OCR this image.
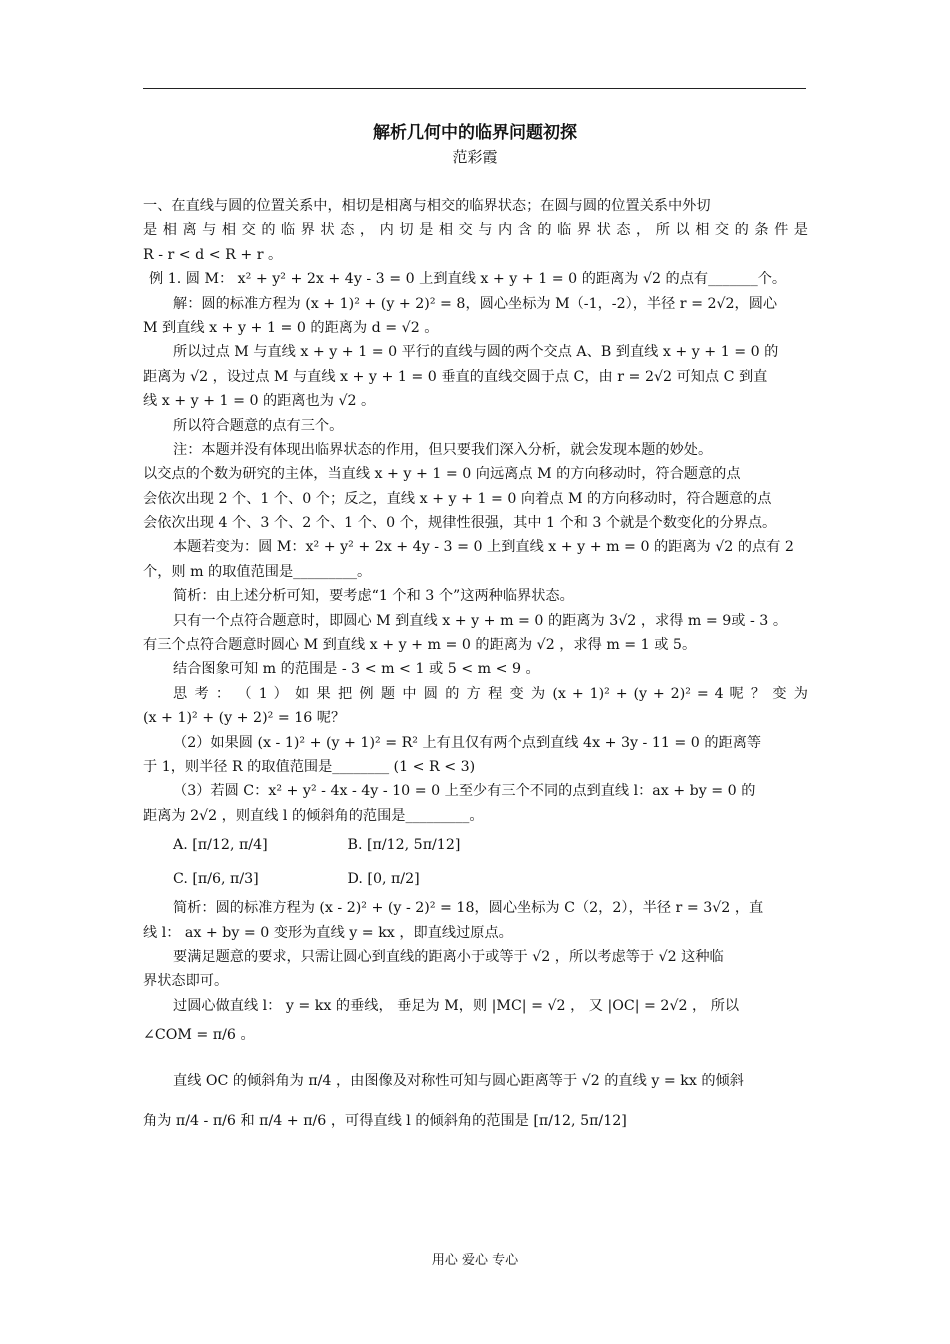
解析几何中的临界问题初探
范彩霞
一、在直线与圆的位置关系中，相切是相离与相交的临界状态；在圆与圆的位置关系中外切
是 相 离 与 相 交 的 临 界 状 态 ， 内 切 是 相 交 与 内 含 的 临 界 状 态 ， 所 以 相 交 的 条 件 是
R - r < d < R + r 。
例 1. 圆 M： x² + y² + 2x + 4y - 3 = 0 上到直线 x + y + 1 = 0 的距离为 √2 的点有_______个。
解：圆的标准方程为 (x + 1)² + (y + 2)² = 8，圆心坐标为 M（-1，-2），半径 r = 2√2，圆心
M 到直线 x + y + 1 = 0 的距离为 d = √2 。
所以过点 M 与直线 x + y + 1 = 0 平行的直线与圆的两个交点 A、B 到直线 x + y + 1 = 0 的
距离为 √2 ，设过点 M 与直线 x + y + 1 = 0 垂直的直线交圆于点 C，由 r = 2√2 可知点 C 到直
线 x + y + 1 = 0 的距离也为 √2 。
所以符合题意的点有三个。
注：本题并没有体现出临界状态的作用，但只要我们深入分析，就会发现本题的妙处。
以交点的个数为研究的主体，当直线 x + y + 1 = 0 向远离点 M 的方向移动时，符合题意的点
会依次出现 2 个、1 个、0 个；反之，直线 x + y + 1 = 0 向着点 M 的方向移动时，符合题意的点
会依次出现 4 个、3 个、2 个、1 个、0 个，规律性很强，其中 1 个和 3 个就是个数变化的分界点。
本题若变为：圆 M：x² + y² + 2x + 4y - 3 = 0 上到直线 x + y + m = 0 的距离为 √2 的点有 2
个，则 m 的取值范围是_________。
简析：由上述分析可知，要考虑“1 个和 3 个”这两种临界状态。
只有一个点符合题意时，即圆心 M 到直线 x + y + m = 0 的距离为 3√2 ，求得 m = 9或 - 3 。
有三个点符合题意时圆心 M 到直线 x + y + m = 0 的距离为 √2 ，求得 m = 1 或 5。
结合图象可知 m 的范围是 - 3 < m < 1 或 5 < m < 9 。
思 考 ： （ 1 ） 如 果 把 例 题 中 圆 的 方 程 变 为 (x + 1)² + (y + 2)² = 4 呢 ？ 变 为
(x + 1)² + (y + 2)² = 16 呢？
（2）如果圆 (x - 1)² + (y + 1)² = R² 上有且仅有两个点到直线 4x + 3y - 11 = 0 的距离等
于 1，则半径 R 的取值范围是________ (1 < R < 3)
（3）若圆 C：x² + y² - 4x - 4y - 10 = 0 上至少有三个不同的点到直线 l：ax + by = 0 的
距离为 2√2 ，则直线 l 的倾斜角的范围是_________。
A. [π/12, π/4]	B. [π/12, 5π/12]
C. [π/6, π/3]	D. [0, π/2]
简析：圆的标准方程为 (x - 2)² + (y - 2)² = 18，圆心坐标为 C（2，2），半径 r = 3√2 ，直
线 l： ax + by = 0 变形为直线 y = kx ，即直线过原点。
要满足题意的要求，只需让圆心到直线的距离小于或等于 √2 ，所以考虑等于 √2 这种临
界状态即可。
过圆心做直线 l： y = kx 的垂线， 垂足为 M，则 |MC| = √2 ， 又 |OC| = 2√2 ， 所以
∠COM = π/6 。
直线 OC 的倾斜角为 π/4 ，由图像及对称性可知与圆心距离等于 √2 的直线 y = kx 的倾斜
角为 π/4 - π/6 和 π/4 + π/6 ，可得直线 l 的倾斜角的范围是 [π/12, 5π/12]
用心 爱心 专心
